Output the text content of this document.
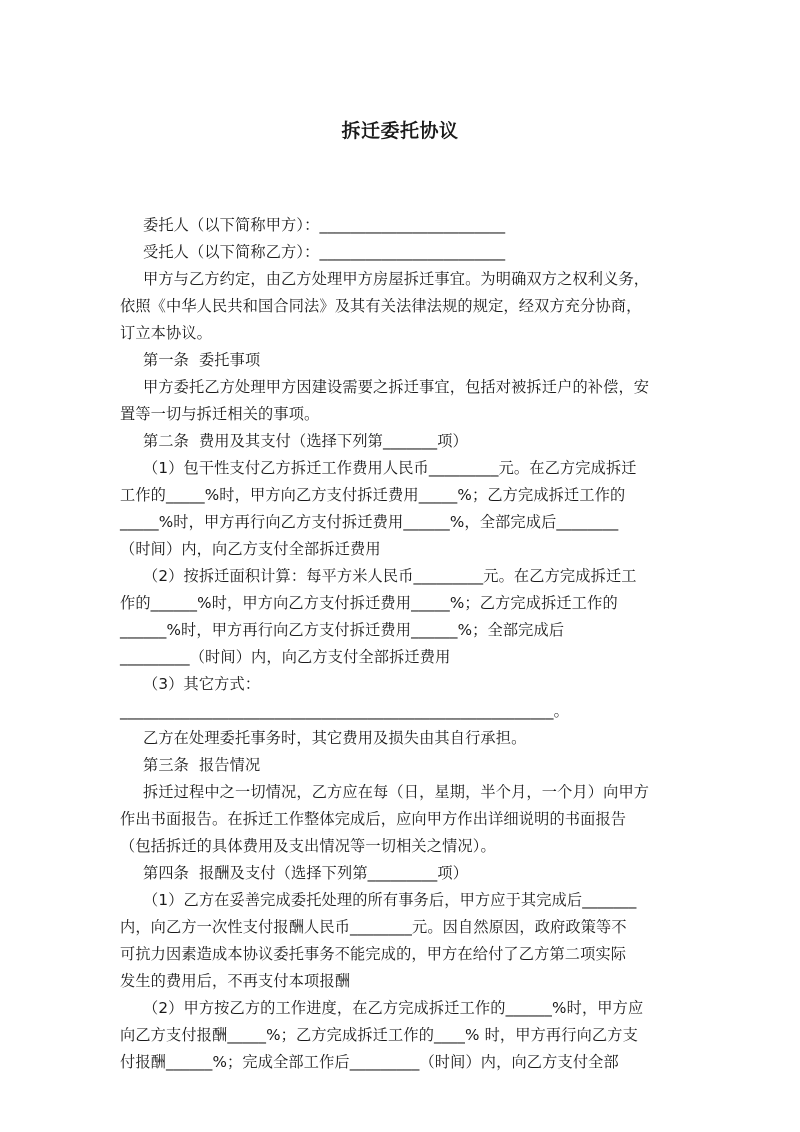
拆迁委托协议
委托人（以下简称甲方）：________________________
受托人（以下简称乙方）：________________________
甲方与乙方约定，由乙方处理甲方房屋拆迁事宜。为明确双方之权利义务，
依照《中华人民共和国合同法》及其有关法律法规的规定，经双方充分协商，
订立本协议。
第一条  委托事项
甲方委托乙方处理甲方因建设需要之拆迁事宜，包括对被拆迁户的补偿，安
置等一切与拆迁相关的事项。
第二条  费用及其支付（选择下列第_______项）
（1）包干性支付乙方拆迁工作费用人民币_________元。在乙方完成拆迁
工作的_____%时，甲方向乙方支付拆迁费用_____%；乙方完成拆迁工作的
_____%时，甲方再行向乙方支付拆迁费用______%，全部完成后________
（时间）内，向乙方支付全部拆迁费用
（2）按拆迁面积计算：每平方米人民币_________元。在乙方完成拆迁工
作的______%时，甲方向乙方支付拆迁费用_____%；乙方完成拆迁工作的
______%时，甲方再行向乙方支付拆迁费用______%；全部完成后
_________（时间）内，向乙方支付全部拆迁费用
（3）其它方式：
________________________________________________________。
乙方在处理委托事务时，其它费用及损失由其自行承担。
第三条  报告情况
拆迁过程中之一切情况，乙方应在每（日，星期，半个月，一个月）向甲方
作出书面报告。在拆迁工作整体完成后，应向甲方作出详细说明的书面报告
（包括拆迁的具体费用及支出情况等一切相关之情况）。
第四条  报酬及支付（选择下列第_________项）
（1）乙方在妥善完成委托处理的所有事务后，甲方应于其完成后_______
内，向乙方一次性支付报酬人民币________元。因自然原因，政府政策等不
可抗力因素造成本协议委托事务不能完成的，甲方在给付了乙方第二项实际
发生的费用后，不再支付本项报酬
（2）甲方按乙方的工作进度，在乙方完成拆迁工作的______%时，甲方应
向乙方支付报酬_____%；乙方完成拆迁工作的____% 时，甲方再行向乙方支
付报酬______%；完成全部工作后_________（时间）内，向乙方支付全部
